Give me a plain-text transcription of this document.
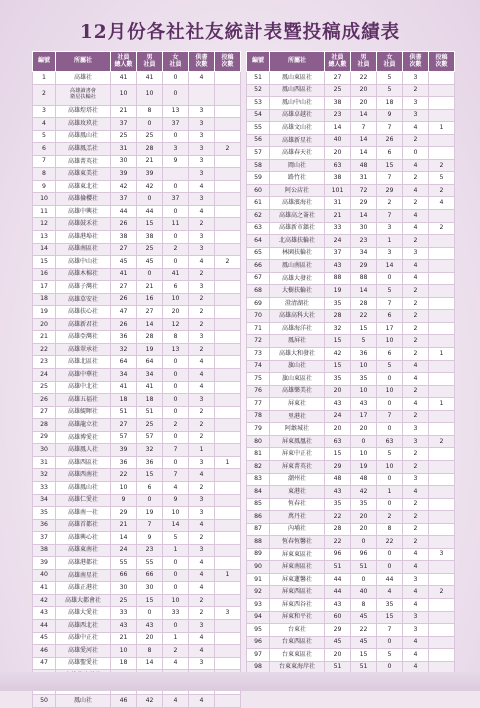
12月份各社社友統計表暨投稿成績表
編號	所屬社	社員
總人數	男
社員	女
社員	供書
次數	投稿
次數
1	高雄社	41	41	0	4	
2	高雄讀書會
衛星扶輪社	10	10	0		
3	高雄煌塔社	21	8	13	3	
4	高雄玫玖社	37	0	37	3	
5	高雄鳳山社	25	25	0	3	
6	高雄鳳羔社	31	28	3	3	2
7	高雄菁英社	30	21	9	3	
8	高雄東美社	39	39		3	
9	高雄東北社	42	42	0	4	
10	高雄掄櫻社	37	0	37	3	
11	高雄中興社	44	44	0	4	
12	高雄鼓禾社	26	15	11	2	
13	高雄港埠社	38	38	0	3	
14	高雄南區社	27	25	2	3	
15	高雄中山社	45	45	0	4	2
16	高雄木棉社	41	0	41	2	
17	高雄子灣社	27	21	6	3	
18	高雄草安社	26	16	10	2	
19	高雄扶心社	47	27	20	2	
20	高雄新君社	26	14	12	2	
21	高雄亞灣社	36	28	8	3	
22	高雄翠承社	32	19	13	2	
23	高雄北區社	64	64	0	4	
24	高雄中華社	34	34	0	4	
25	高雄中北社	41	41	0	4	
26	高雄五福社	18	18	0	3	
27	高雄鯤暉社	51	51	0	2	
28	高雄龍立社	27	25	2	2	
29	高雄博愛社	57	57	0	2	
30	高雄鳳人社	39	32	7	1	
31	高雄西區社	36	36	0	3	1
32	高雄西南社	22	15	7	4	
33	高雄鳳山社	10	6	4	2	
34	高雄仁愛社	9	0	9	3	
35	高雄南一社	29	19	10	3	
36	高雄首都社	21	7	14	4	
37	高雄興心社	14	9	5	2	
38	高雄東南社	24	23	1	3	
39	高雄港都社	55	55	0	4	
40	高雄南星社	66	66	0	4	1
41	高雄正港社	30	30	0	4	
42	高雄大都會社	25	15	10	2	
43	高雄大愛社	33	0	33	2	3
44	高雄西北社	43	43	0	3	
45	高雄中正社	21	20	1	4	
46	高雄愛河社	10	8	2	4	
47	高雄聖愛社	18	14	4	3	

50	鳳山社	46	42	4	4	
編號	所屬社	社員
總人數	男
社員	女
社員	供書
次數	投稿
次數
51	鳳山東區社	27	22	5	3	
52	鳳山西區社	25	20	5	2	
53	鳳山中山社	38	20	18	3	
54	高雄卓越社	23	14	9	3	
55	高雄文山社	14	7	7	4	1
56	高雄新星社	40	14	26	2	
57	高雄春天社	20	14	6	0	
58	岡山社	63	48	15	4	2
59	路竹社	38	31	7	2	5
60	阿公店社	101	72	29	4	2
61	高雄濱海社	31	29	2	2	4
62	高雄高之崙社	21	14	7	4	
63	高雄新市鎮社	33	30	3	4	2
64	北高雄扶輪社	24	23	1	2	
65	林園扶輪社	37	34	3	3	
66	鳳山南區社	43	29	14	4	
67	高雄大發社	88	88	0	4	
68	大樹扶輪社	19	14	5	2	
69	澄清湖社	35	28	7	2	
70	高雄高科大社	28	22	6	2	
71	高雄海洋社	32	15	17	2	
72	鳳屏社	15	5	10	2	
73	高雄大和發社	42	36	6	2	1
74	旗山社	15	10	5	4	
75	旗山東區社	35	35	0	4	
76	高雄樂美社	20	10	10	2	
77	屏東社	43	43	0	4	1
78	里港社	24	17	7	2	
79	阿緱城社	20	20	0	3	
80	屏東鳳凰社	63	0	63	3	2
81	屏東中正社	15	10	5	2	
82	屏東菁英社	29	19	10	2	
83	潮州社	48	48	0	3	
84	東港社	43	42	1	4	
85	恆春社	35	35	0	2	
86	萬丹社	22	20	2	2	
87	內埔社	28	20	8	2	
88	恆春恆馨社	22	0	22	2	
89	屏東東區社	96	96	0	4	3
90	屏東南區社	51	51	0	4	
91	屏東蓮馨社	44	0	44	3	
92	屏東西區社	44	40	4	4	2
93	屏東西谷社	43	8	35	4	
94	屏東和平社	60	45	15	3	
95	台東社	29	22	7	3	
96	台東西區社	45	45	0	4	
97	台東東區社	20	15	5	4	
98	台東東海岸社	51	51	0	4	
